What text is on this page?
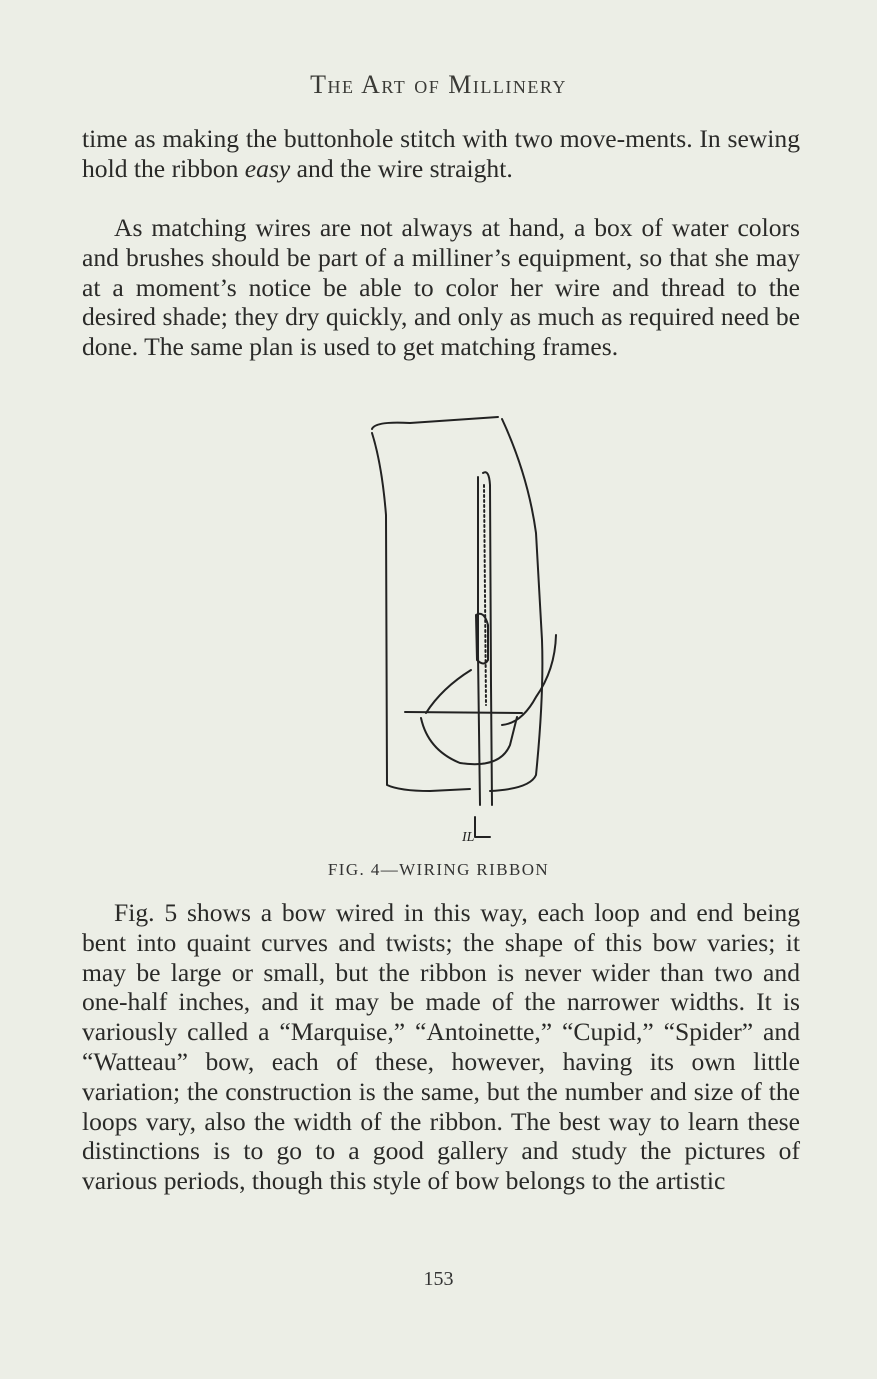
The Art of Millinery

time as making the buttonhole stitch with two move-ments. In sewing hold the ribbon easy and the wire straight.

As matching wires are not always at hand, a box of water colors and brushes should be part of a milliner’s equipment, so that she may at a moment’s notice be able to color her wire and thread to the desired shade; they dry quickly, and only as much as required need be done. The same plan is used to get matching frames.

IL
FIG. 4—WIRING RIBBON

Fig. 5 shows a bow wired in this way, each loop and end being bent into quaint curves and twists; the shape of this bow varies; it may be large or small, but the ribbon is never wider than two and one-half inches, and it may be made of the narrower widths. It is variously called a “Marquise,” “Antoinette,” “Cupid,” “Spider” and “Watteau” bow, each of these, however, having its own little variation; the construction is the same, but the number and size of the loops vary, also the width of the ribbon. The best way to learn these distinctions is to go to a good gallery and study the pictures of various periods, though this style of bow belongs to the artistic

153
